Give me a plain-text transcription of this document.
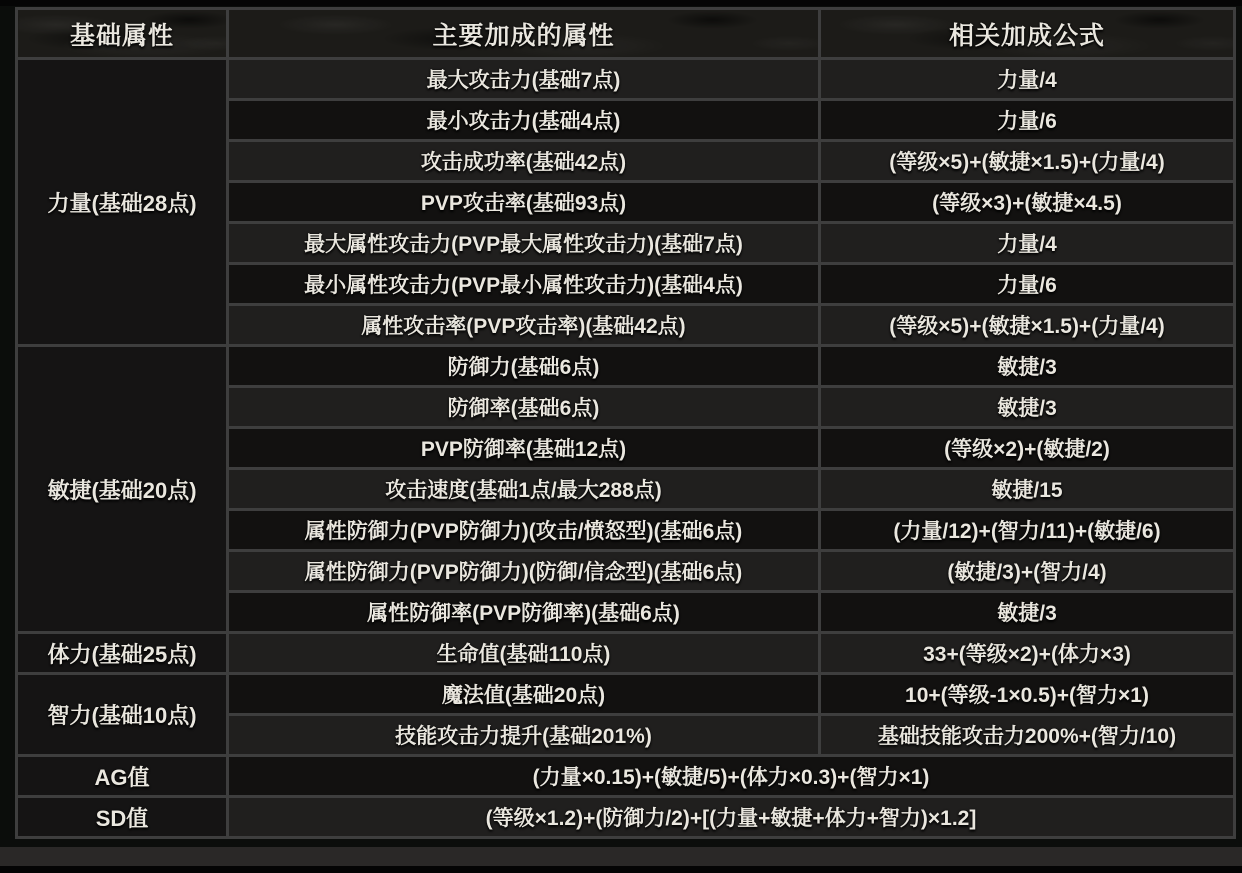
基础属性	主要加成的属性	相关加成公式
力量(基础28点)	最大攻击力(基础7点)	力量/4
	最小攻击力(基础4点)	力量/6
	攻击成功率(基础42点)	(等级×5)+(敏捷×1.5)+(力量/4)
	PVP攻击率(基础93点)	(等级×3)+(敏捷×4.5)
	最大属性攻击力(PVP最大属性攻击力)(基础7点)	力量/4
	最小属性攻击力(PVP最小属性攻击力)(基础4点)	力量/6
	属性攻击率(PVP攻击率)(基础42点)	(等级×5)+(敏捷×1.5)+(力量/4)
敏捷(基础20点)	防御力(基础6点)	敏捷/3
	防御率(基础6点)	敏捷/3
	PVP防御率(基础12点)	(等级×2)+(敏捷/2)
	攻击速度(基础1点/最大288点)	敏捷/15
	属性防御力(PVP防御力)(攻击/愤怒型)(基础6点)	(力量/12)+(智力/11)+(敏捷/6)
	属性防御力(PVP防御力)(防御/信念型)(基础6点)	(敏捷/3)+(智力/4)
	属性防御率(PVP防御率)(基础6点)	敏捷/3
体力(基础25点)	生命值(基础110点)	33+(等级×2)+(体力×3)
智力(基础10点)	魔法值(基础20点)	10+(等级-1×0.5)+(智力×1)
	技能攻击力提升(基础201%)	基础技能攻击力200%+(智力/10)
AG值	(力量×0.15)+(敏捷/5)+(体力×0.3)+(智力×1)	
SD值	(等级×1.2)+(防御力/2)+[(力量+敏捷+体力+智力)×1.2]	
